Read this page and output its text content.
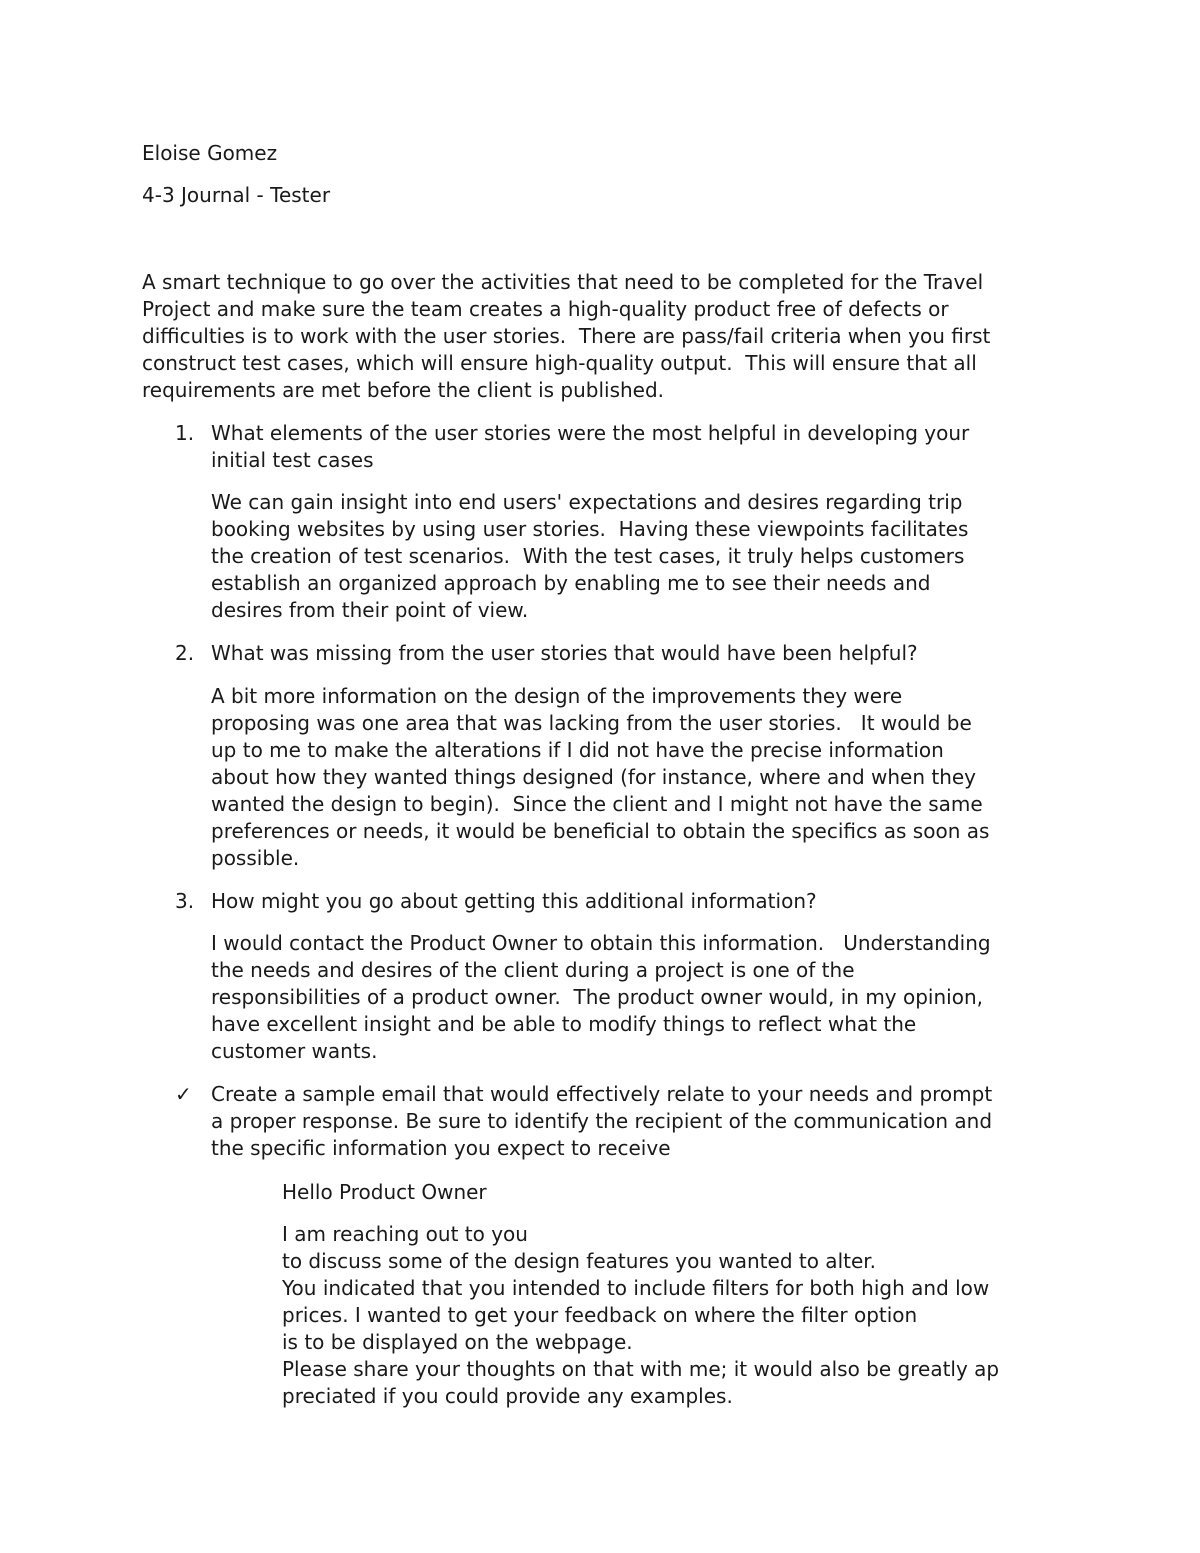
Eloise Gomez

4-3 Journal - Tester

A smart technique to go over the activities that need to be completed for the Travel

Project and make sure the team creates a high-quality product free of defects or

difficulties is to work with the user stories.  There are pass/fail criteria when you first

construct test cases, which will ensure high-quality output.  This will ensure that all

requirements are met before the client is published.

1. What elements of the user stories were the most helpful in developing your

initial test cases

We can gain insight into end users' expectations and desires regarding trip

booking websites by using user stories.  Having these viewpoints facilitates

the creation of test scenarios.  With the test cases, it truly helps customers

establish an organized approach by enabling me to see their needs and

desires from their point of view.

2. What was missing from the user stories that would have been helpful?

A bit more information on the design of the improvements they were

proposing was one area that was lacking from the user stories.   It would be

up to me to make the alterations if I did not have the precise information

about how they wanted things designed (for instance, where and when they

wanted the design to begin).  Since the client and I might not have the same

preferences or needs, it would be beneficial to obtain the specifics as soon as

possible.

3. How might you go about getting this additional information?

I would contact the Product Owner to obtain this information.   Understanding

the needs and desires of the client during a project is one of the

responsibilities of a product owner.  The product owner would, in my opinion,

have excellent insight and be able to modify things to reflect what the

customer wants.

✓ Create a sample email that would effectively relate to your needs and prompt

a proper response. Be sure to identify the recipient of the communication and

the specific information you expect to receive

Hello Product Owner

I am reaching out to you

to discuss some of the design features you wanted to alter.

You indicated that you intended to include filters for both high and low

prices. I wanted to get your feedback on where the filter option

is to be displayed on the webpage.

Please share your thoughts on that with me; it would also be greatly ap

preciated if you could provide any examples.
